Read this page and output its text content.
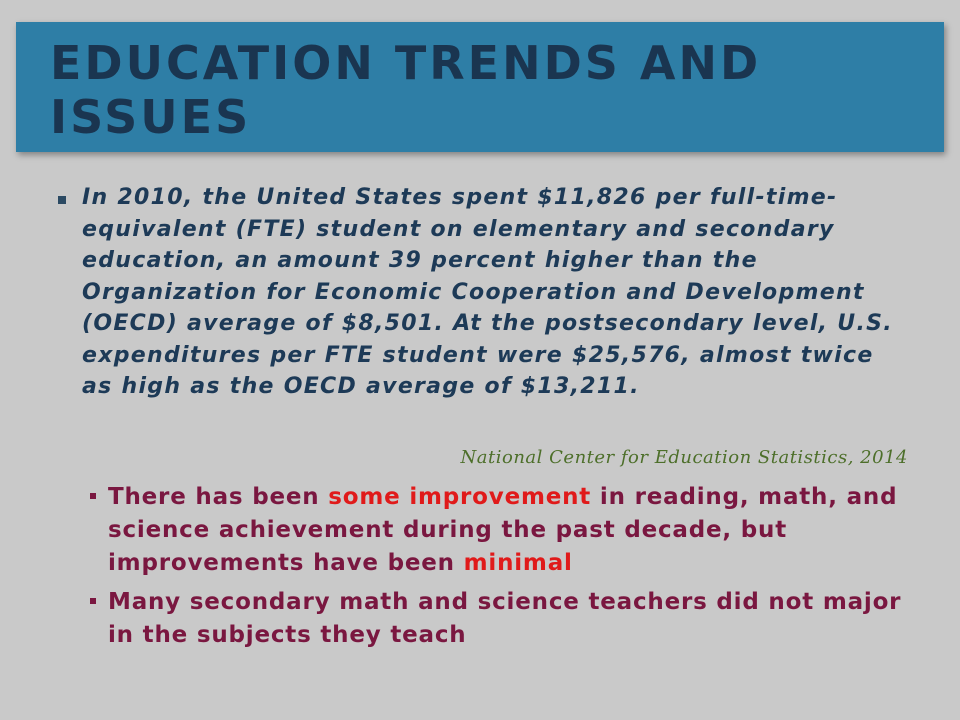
EDUCATION TRENDS AND ISSUES

In 2010, the United States spent $11,826 per full-time-equivalent (FTE) student on elementary and secondary education, an amount 39 percent higher than the Organization for Economic Cooperation and Development (OECD) average of $8,501. At the postsecondary level, U.S. expenditures per FTE student were $25,576, almost twice as high as the OECD average of $13,211.

National Center for Education Statistics, 2014

There has been some improvement in reading, math, and science achievement during the past decade, but improvements have been minimal

Many secondary math and science teachers did not major in the subjects they teach
